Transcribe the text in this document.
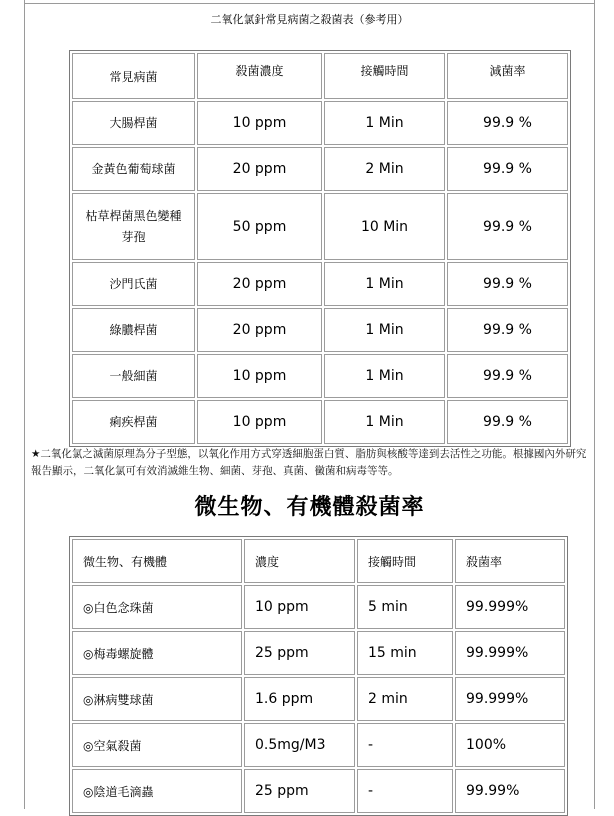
二氧化氯針常見病菌之殺菌表（參考用）
常見病菌	殺菌濃度	接觸時間	減菌率
大腸桿菌	10 ppm	1 Min	99.9 %
金黃色葡萄球菌	20 ppm	2 Min	99.9 %
枯草桿菌黑色變種芽孢	50 ppm	10 Min	99.9 %
沙門氏菌	20 ppm	1 Min	99.9 %
綠膿桿菌	20 ppm	1 Min	99.9 %
一般細菌	10 ppm	1 Min	99.9 %
痢疾桿菌	10 ppm	1 Min	99.9 %
★二氧化氯之滅菌原理為分子型態，以氧化作用方式穿透細胞蛋白質、脂肪與核酸等達到去活性之功能。根據國內外研究報告顯示，二氧化氯可有效消滅維生物、細菌、芽孢、真菌、黴菌和病毒等等。
微生物、有機體殺菌率
微生物、有機體	濃度	接觸時間	殺菌率
◎白色念珠菌	10 ppm	5 min	99.999%
◎梅毒螺旋體	25 ppm	15 min	99.999%
◎淋病雙球菌	1.6 ppm	2 min	99.999%
◎空氣殺菌	0.5mg/M3	-	100%
◎陰道毛滴蟲	25 ppm	-	99.99%
